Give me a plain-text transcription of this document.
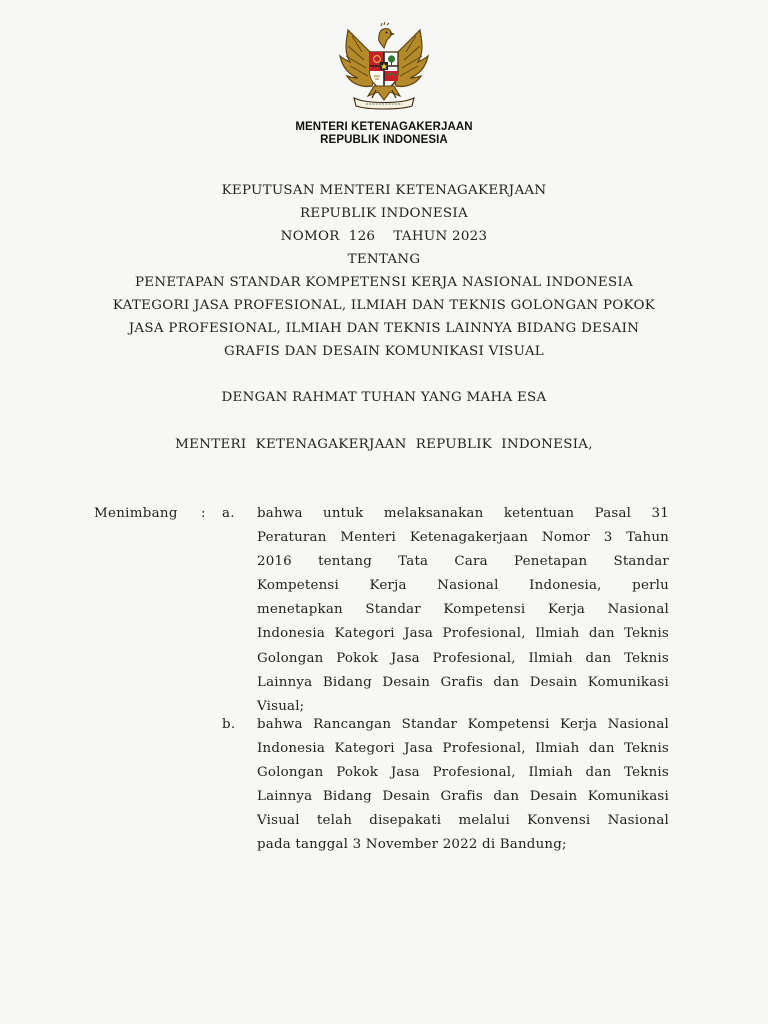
MENTERI KETENAGAKERJAAN
REPUBLIK INDONESIA
KEPUTUSAN MENTERI KETENAGAKERJAAN
REPUBLIK INDONESIA
NOMOR  126    TAHUN 2023
TENTANG
PENETAPAN STANDAR KOMPETENSI KERJA NASIONAL INDONESIA
KATEGORI JASA PROFESIONAL, ILMIAH DAN TEKNIS GOLONGAN POKOK
JASA PROFESIONAL, ILMIAH DAN TEKNIS LAINNYA BIDANG DESAIN
GRAFIS DAN DESAIN KOMUNIKASI VISUAL
DENGAN RAHMAT TUHAN YANG MAHA ESA
MENTERI  KETENAGAKERJAAN  REPUBLIK  INDONESIA,
Menimbang : a. bahwa untuk melaksanakan ketentuan Pasal 31
Peraturan Menteri Ketenagakerjaan Nomor 3 Tahun
2016 tentang Tata Cara Penetapan Standar
Kompetensi Kerja Nasional Indonesia, perlu
menetapkan Standar Kompetensi Kerja Nasional
Indonesia Kategori Jasa Profesional, Ilmiah dan Teknis
Golongan Pokok Jasa Profesional, Ilmiah dan Teknis
Lainnya Bidang Desain Grafis dan Desain Komunikasi
Visual;
b. bahwa Rancangan Standar Kompetensi Kerja Nasional
Indonesia Kategori Jasa Profesional, Ilmiah dan Teknis
Golongan Pokok Jasa Profesional, Ilmiah dan Teknis
Lainnya Bidang Desain Grafis dan Desain Komunikasi
Visual telah disepakati melalui Konvensi Nasional
pada tanggal 3 November 2022 di Bandung;
